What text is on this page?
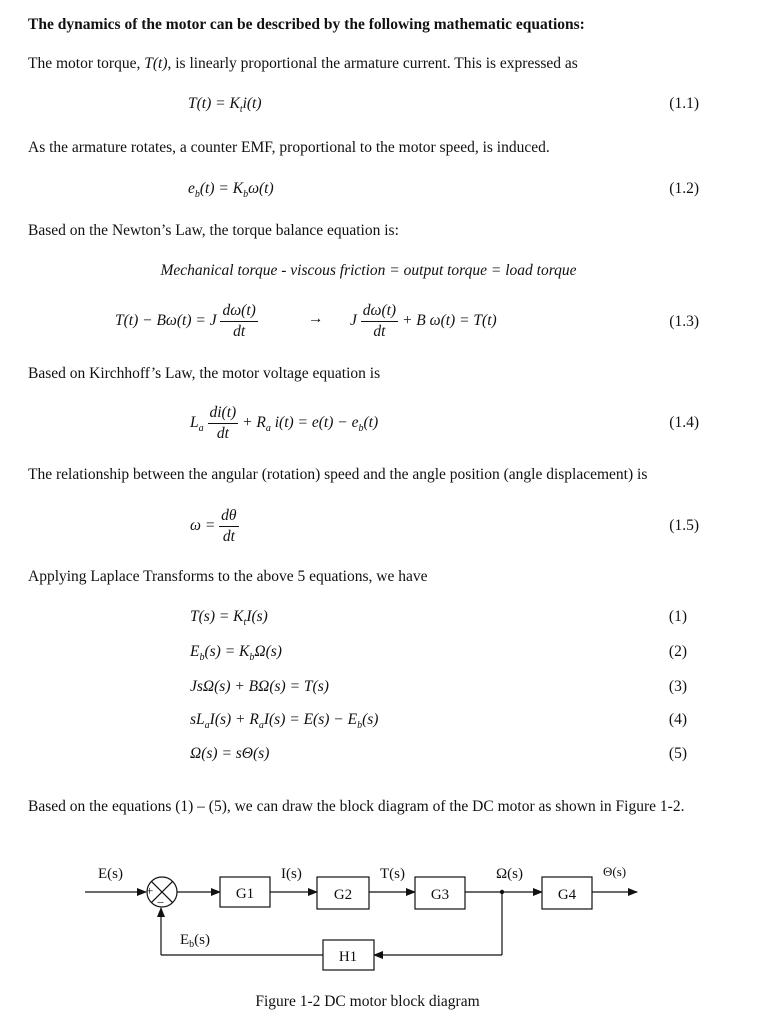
The dynamics of the motor can be described by the following mathematic equations:
The motor torque, T(t), is linearly proportional the armature current. This is expressed as
$T(t) = K_ti(t)$	(1.1)
As the armature rotates, a counter EMF, proportional to the motor speed, is induced.
$e_b(t) = K_b\omega(t)$	(1.2)
Based on the Newton’s Law, the torque balance equation is:
Mechanical torque - viscous friction = output torque = load torque
T(t) − Bω(t) = J $\frac{d\omega(t)}{dt}$	→ J $\frac{d\omega(t)}{dt} + B$ ω(t) = T(t)	(1.3)
Based on Kirchhoff’s Law, the motor voltage equation is
$L_a \frac{di(t)}{dt} + R_a$ $i(t) = e(t) - e_b(t)$	(1.4)
The relationship between the angular (rotation) speed and the angle position (angle displacement) is
$\omega = \frac{d\theta}{dt}$	(1.5)
Applying Laplace Transforms to the above 5 equations, we have
$T(s) = K_tI(s)$	(1)
$E_b(s) = K_b\Omega(s)$	(2)
JsΩ(s) + BΩ(s) = T(s)	(3)
$sL_aI(s) + R_aI(s) = E(s) - E_b(s)$	(4)
Ω(s) = sΘ(s)	(5)
Based on the equations (1) – (5), we can draw the block diagram of the DC motor as shown in Figure 1-2.
E(s)
+
−
G1	G2	G3	G4
H1
I(s)	T(s)	Ω(s)	Θ(s)
$E_b(s)$
Figure 1-2 DC motor block diagram
